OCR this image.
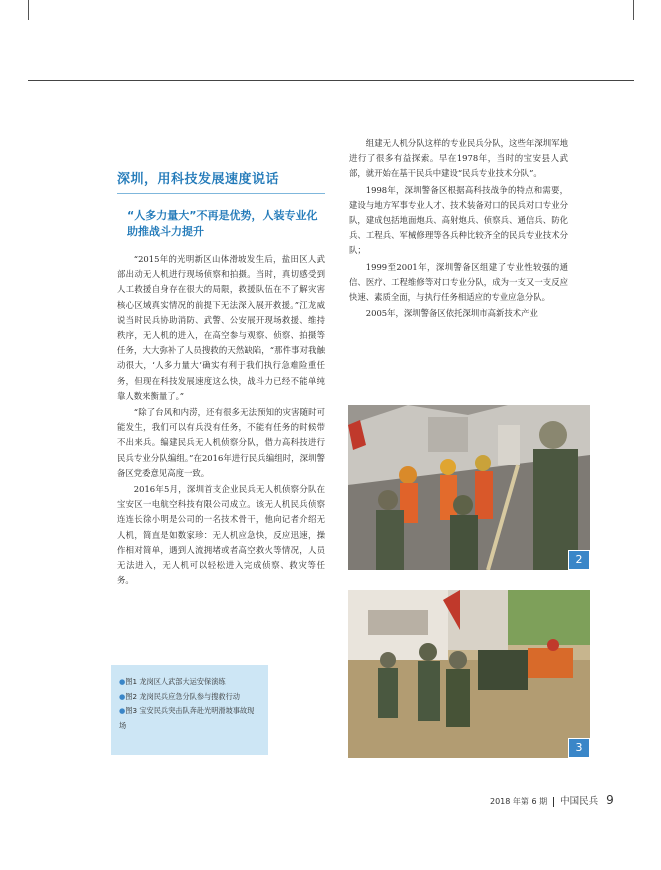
深圳，用科技发展速度说话
“人多力量大”不再是优势，人装专业化助推战斗力提升

“2015年的光明新区山体滑坡发生后，盐田区人武部出动无人机进行现场侦察和拍摄。当时，真切感受到人工救援自身存在很大的局限，救援队伍在不了解灾害核心区域真实情况的前提下无法深入展开救援。”江龙威说当时民兵协助消防、武警、公安展开现场救援、维持秩序，无人机的进入，在高空参与观察、侦察、拍摄等任务，大大弥补了人员搜救的天然缺陷，“那件事对我触动很大，‘人多力量大’确实有利于我们执行急难险重任务，但现在科技发展速度这么快，战斗力已经不能单纯靠人数来衡量了。”

“除了台风和内涝，还有很多无法预知的灾害随时可能发生，我们可以有兵没有任务，不能有任务的时候带不出来兵。编建民兵无人机侦察分队，借力高科技进行民兵专业分队编组。”在2016年进行民兵编组时，深圳警备区党委意见高度一致。

2016年5月，深圳首支企业民兵无人机侦察分队在宝安区一电航空科技有限公司成立。该无人机民兵侦察连连长徐小明是公司的一名技术骨干，他向记者介绍无人机，简直是如数家珍：无人机应急快，反应迅速，操作相对简单，遇到人流拥堵或者高空救火等情况，人员无法进入，无人机可以轻松进入完成侦察、救灾等任务。

组建无人机分队这样的专业民兵分队，这些年深圳军地进行了很多有益探索。早在1978年，当时的宝安县人武部，就开始在基干民兵中建设“民兵专业技术分队”。

1998年，深圳警备区根据高科技战争的特点和需要，建设与地方军事专业人才、技术装备对口的民兵对口专业分队，建成包括地面炮兵、高射炮兵、侦察兵、通信兵、防化兵、工程兵、军械修理等各兵种比较齐全的民兵专业技术分队；

1999至2001年，深圳警备区组建了专业性较强的通信、医疗、工程维修等对口专业分队，成为一支又一支反应快速、素质全面，与执行任务相适应的专业应急分队。

2005年，深圳警备区依托深圳市高新技术产业

2
3
●图1 龙岗区人武部大运安保演练
●图2 龙岗民兵应急分队参与搜救行动
●图3 宝安民兵突击队奔赴光明滑坡事故现场
2018 年第 6 期 中国民兵 9
